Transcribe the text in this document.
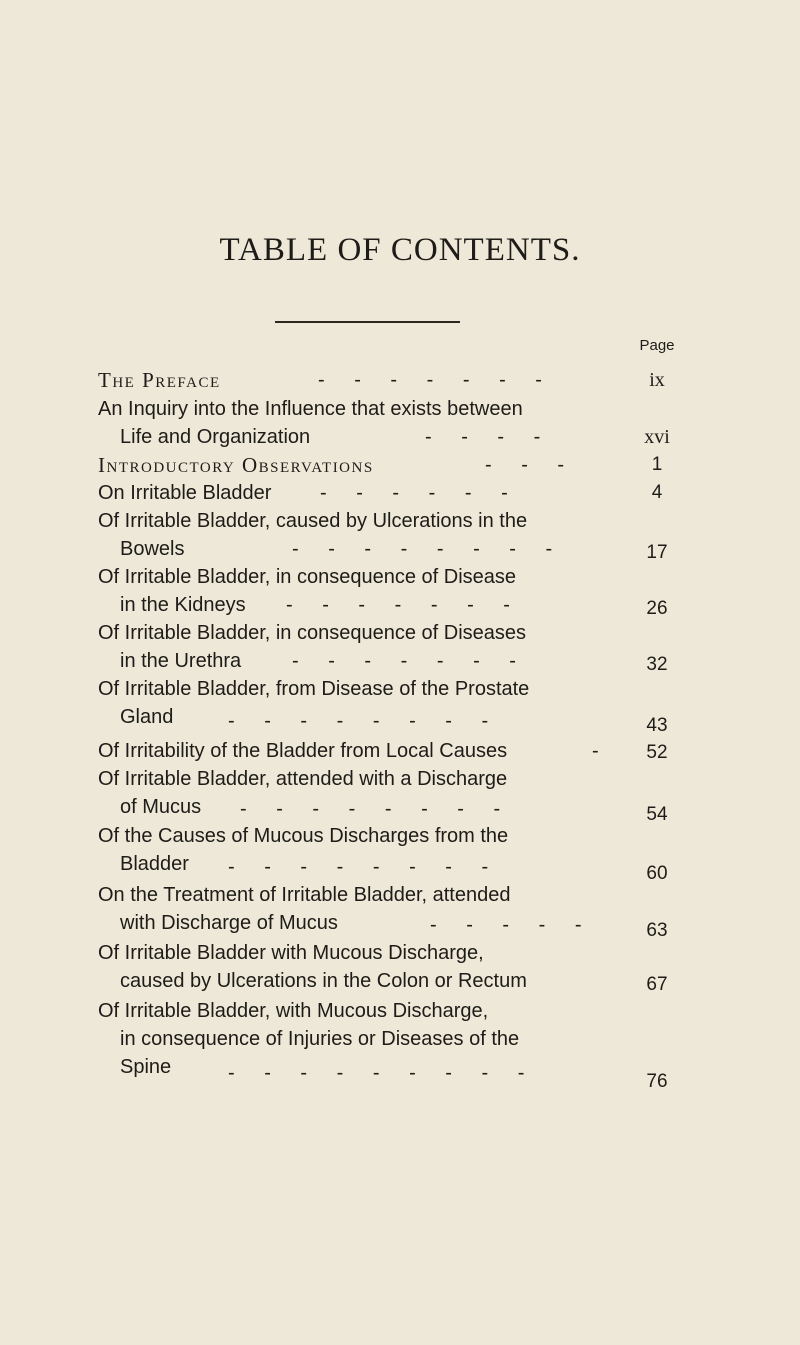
TABLE OF CONTENTS.
Page
The Preface	- - - - - - -	ix
An Inquiry into the Influence that exists between
Life and Organization	- - - -	xvi
Introductory Observations	- - -	1
On Irritable Bladder - - - - - -	4
Of Irritable Bladder, caused by Ulcerations in the
Bowels	- - - - - - - -	17
Of Irritable Bladder, in consequence of Disease
in the Kidneys - - - - - - -	26
Of Irritable Bladder, in consequence of Diseases
in the Urethra	- - - - - - -	32
Of Irritable Bladder, from Disease of the Prostate
Gland	- - - - - - - -	43
Of Irritability of the Bladder from Local Causes	-	52
Of Irritable Bladder, attended with a Discharge
of Mucus - - - - - - - -	54
Of the Causes of Mucous Discharges from the
Bladder - - - - - - - -	60
On the Treatment of Irritable Bladder, attended
with Discharge of Mucus	- - - - -	63
Of Irritable Bladder with Mucous Discharge,
caused by Ulcerations in the Colon or Rectum	67
Of Irritable Bladder, with Mucous Discharge,
in consequence of Injuries or Diseases of the
Spine	- - - - - - - - -	76
